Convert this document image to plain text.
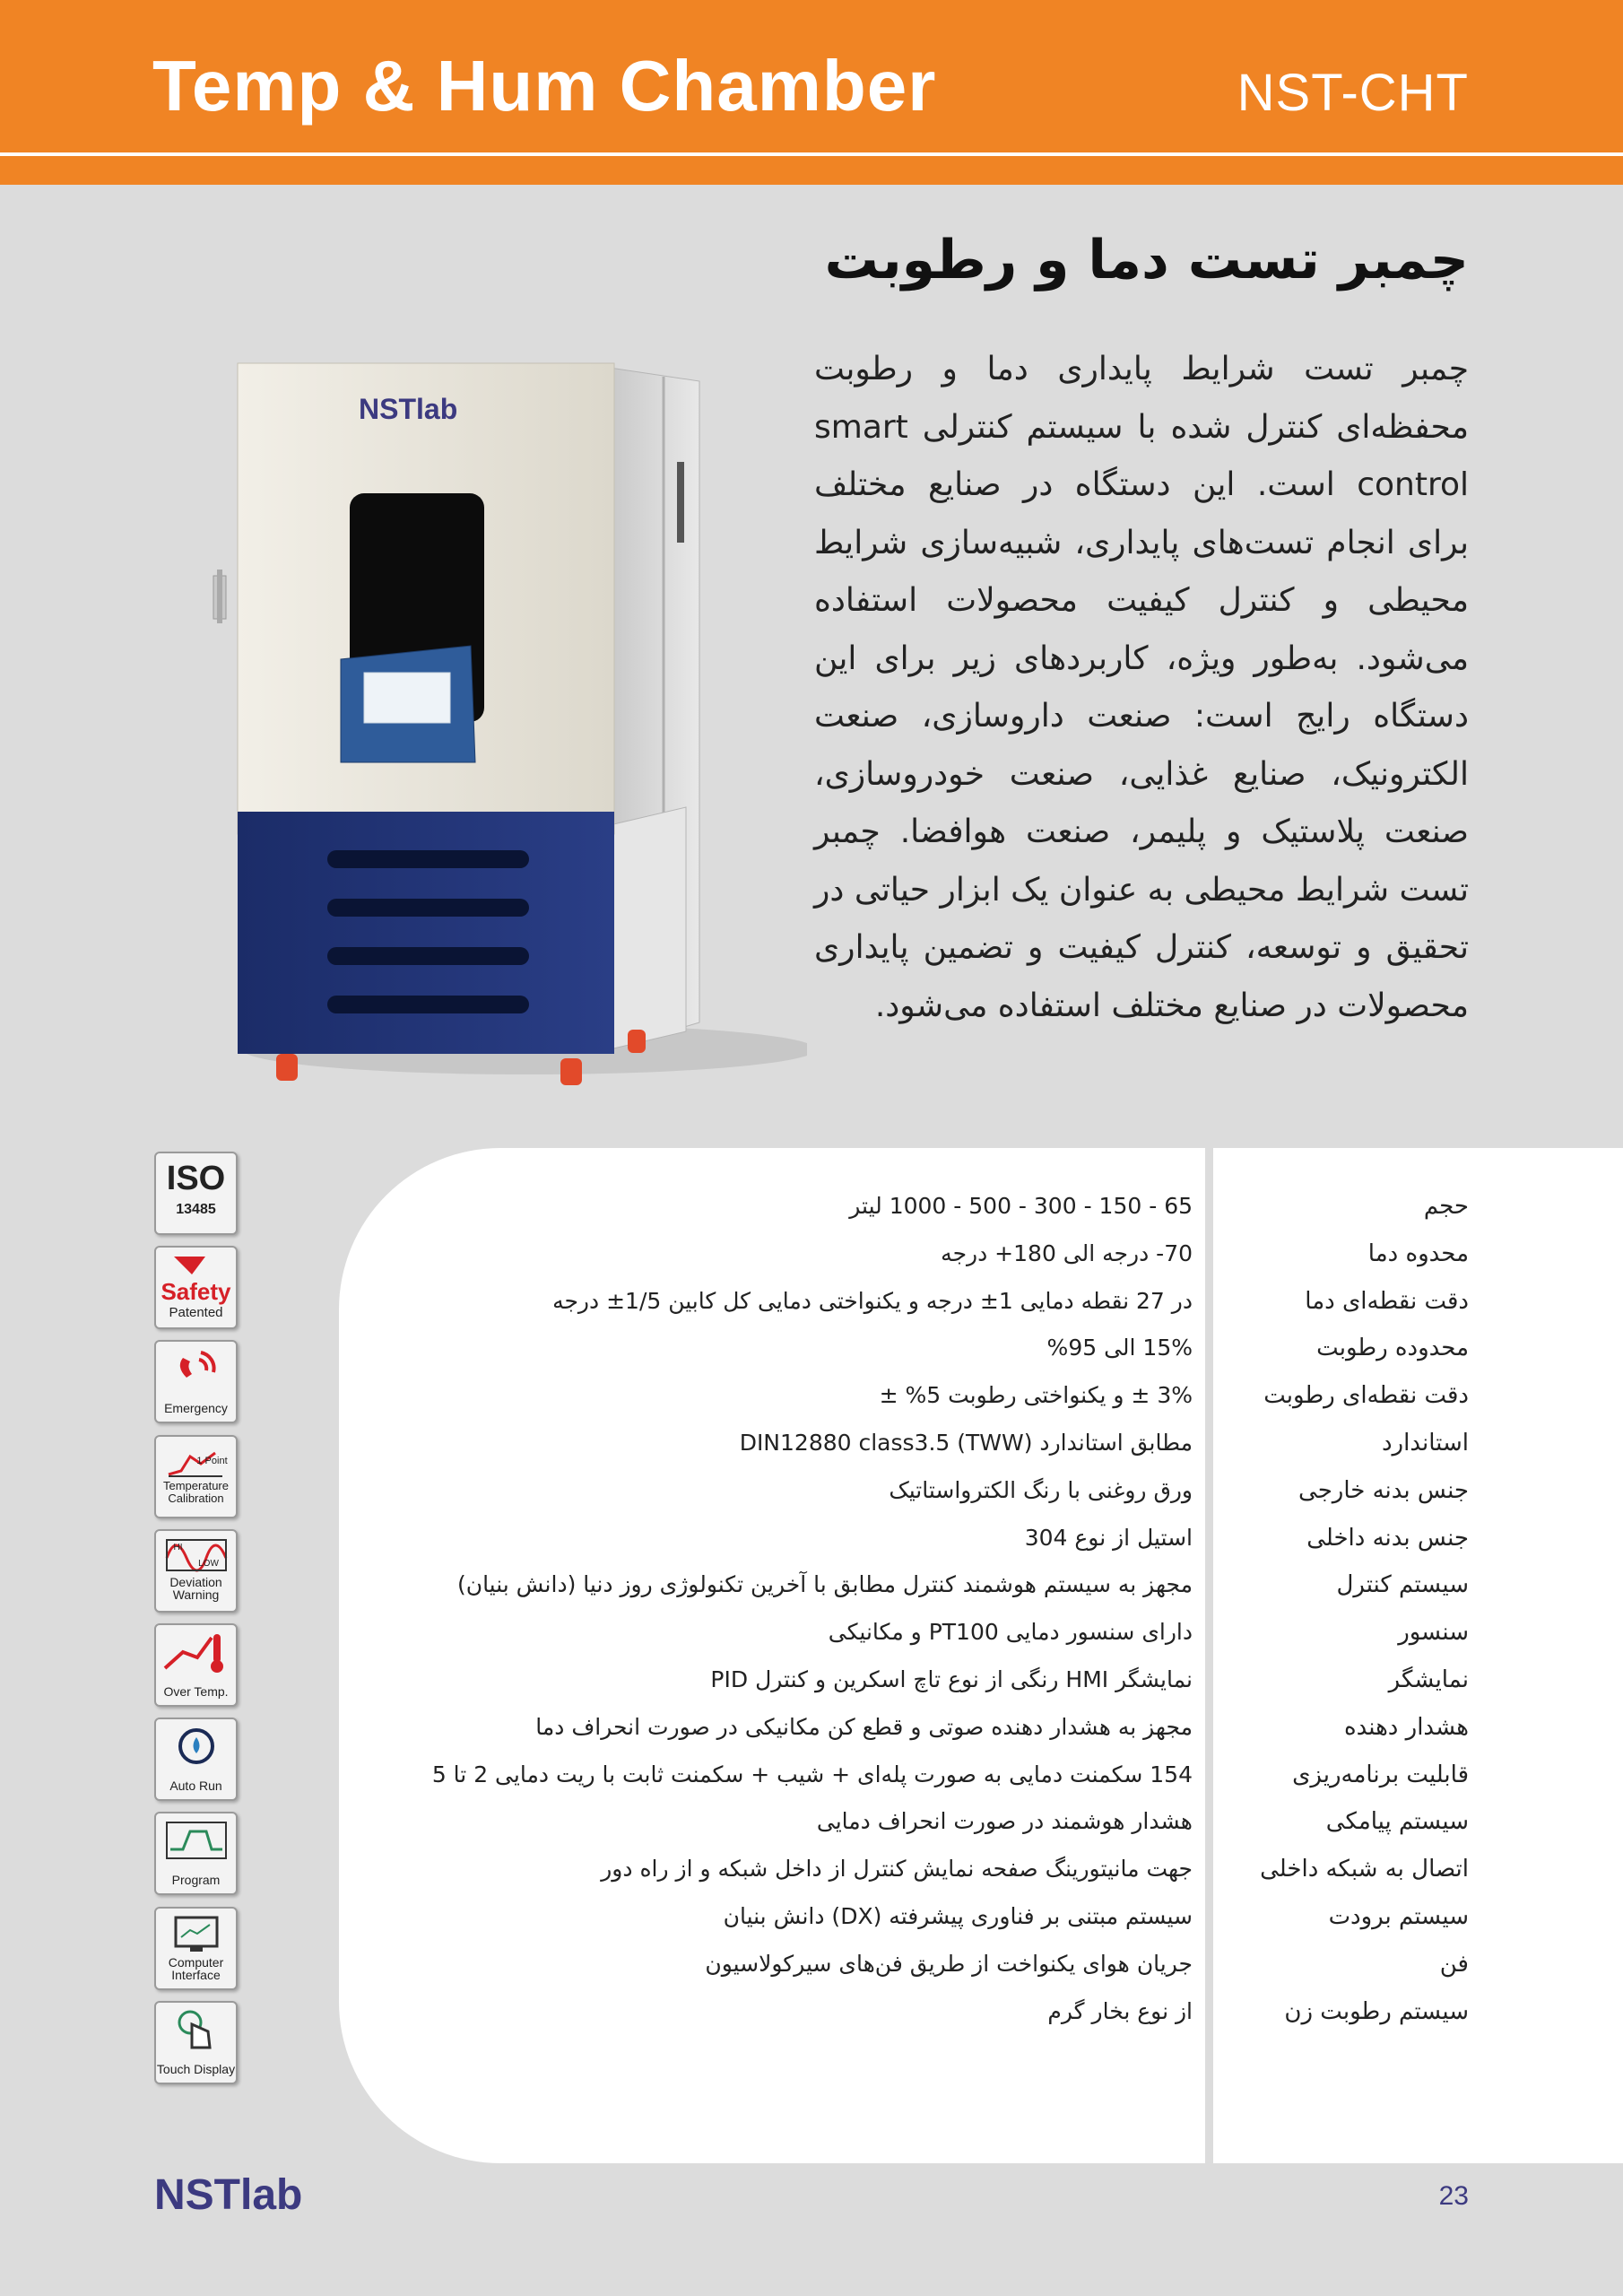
Temp & Hum Chamber	NST-CHT
چمبر تست دما و رطوبت
چمبر تست شرایط پایداری دما و رطوبت محفظه‌ای کنترل شده با سیستم کنترلی smart control است. این دستگاه در صنایع مختلف برای انجام تست‌های پایداری، شبیه‌سازی شرایط محیطی و کنترل کیفیت محصولات استفاده می‌شود. به‌طور ویژه، کاربردهای زیر برای این دستگاه رایج است: صنعت داروسازی، صنعت الکترونیک، صنایع غذایی، صنعت خودروسازی، صنعت پلاستیک و پلیمر، صنعت هوافضا. چمبر تست شرایط محیطی به عنوان یک ابزار حیاتی در تحقیق و توسعه، کنترل کیفیت و تضمین پایداری محصولات در صنایع مختلف استفاده می‌شود.
NSTlab
حجم
65 - 150 - 300 - 500 - 1000 لیتر
محدوه دما
70- درجه الی 180+ درجه
دقت نقطه‌ای دما
در 27 نقطه دمایی 1± درجه و یکنواختی دمایی کل کابین 1/5± درجه
محدوده رطوبت
15% الی 95%
دقت نقطه‌ای رطوبت
3% ± و یکنواختی رطوبت 5% ±
استاندارد
مطابق استاندارد DIN12880 class3.5 (TWW)
جنس بدنه خارجی
ورق روغنی با رنگ الکترواستاتیک
جنس بدنه داخلی
استیل از نوع 304
سیستم کنترل
مجهز به سیستم هوشمند کنترل مطابق با آخرین تکنولوژی روز دنیا (دانش بنیان)
سنسور
دارای سنسور دمایی PT100 و مکانیکی
نمایشگر
نمایشگر HMI رنگی از نوع تاچ اسکرین و کنترل PID
هشدار دهنده
مجهز به هشدار دهنده صوتی و قطع کن مکانیکی در صورت انحراف دما
قابلیت برنامه‌ریزی
154 سکمنت دمایی به صورت پله‌ای + شیب + سکمنت ثابت با ریت دمایی 2 تا 5
سیستم پیامکی
هشدار هوشمند در صورت انحراف دمایی
اتصال به شبکه داخلی
جهت مانیتورینگ صفحه نمایش کنترل از داخل شبکه و از راه دور
سیستم برودت
سیستم مبتنی بر فناوری پیشرفته (DX) دانش بنیان
فن
جریان هوای یکنواخت از طریق فن‌های سیرکولاسیون
سیستم رطوبت زن
از نوع بخار گرم
ISO
13485
Safety
Patented
Emergency
1 Point
Temperature
Calibration
HI
LOW
Deviation
Warning
Over Temp.
Auto Run
Program
Computer
Interface
Touch Display
NSTlab	23
